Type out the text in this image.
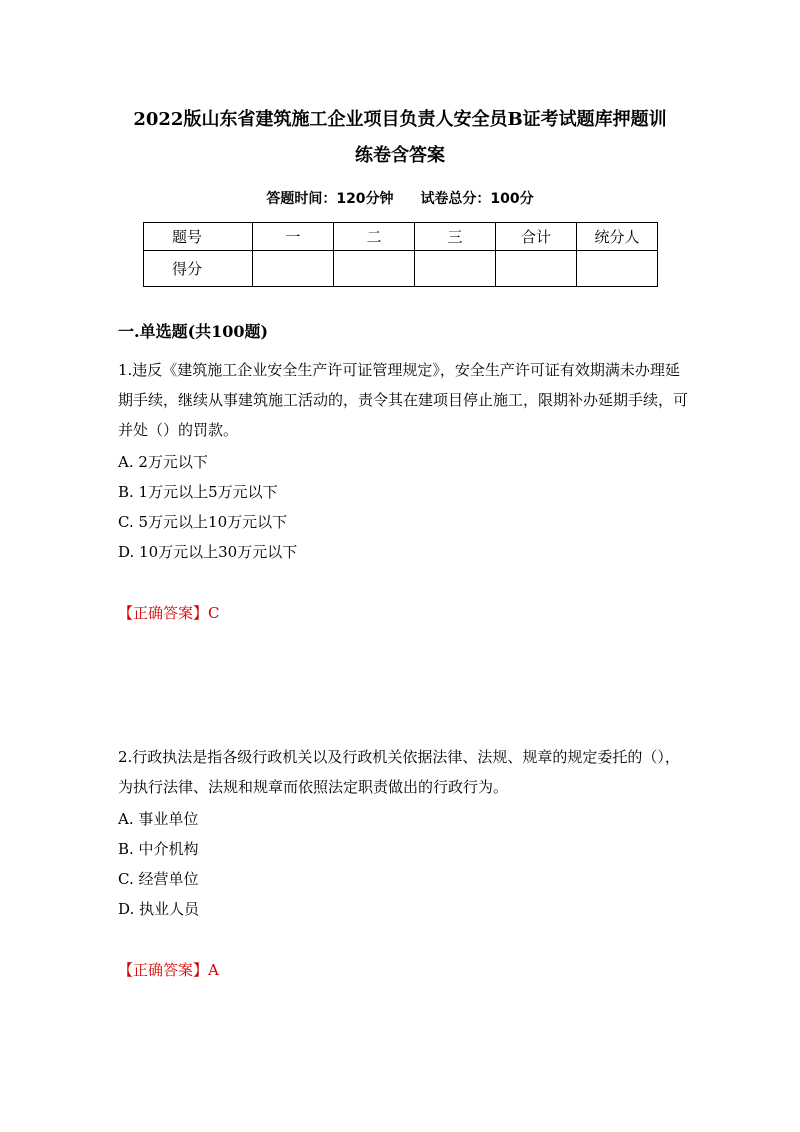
2022版山东省建筑施工企业项目负责人安全员B证考试题库押题训
练卷含答案
答题时间：120分钟 试卷总分：100分
题号	一	二	三	合计	统分人
得分					
一.单选题(共100题)
1.违反《建筑施工企业安全生产许可证管理规定》，安全生产许可证有效期满未办理延期手续，继续从事建筑施工活动的，责令其在建项目停止施工，限期补办延期手续，可并处（）的罚款。
A. 2万元以下
B. 1万元以上5万元以下
C. 5万元以上10万元以下
D. 10万元以上30万元以下
【正确答案】C
2.行政执法是指各级行政机关以及行政机关依据法律、法规、规章的规定委托的（），为执行法律、法规和规章而依照法定职责做出的行政行为。
A. 事业单位
B. 中介机构
C. 经营单位
D. 执业人员
【正确答案】A
